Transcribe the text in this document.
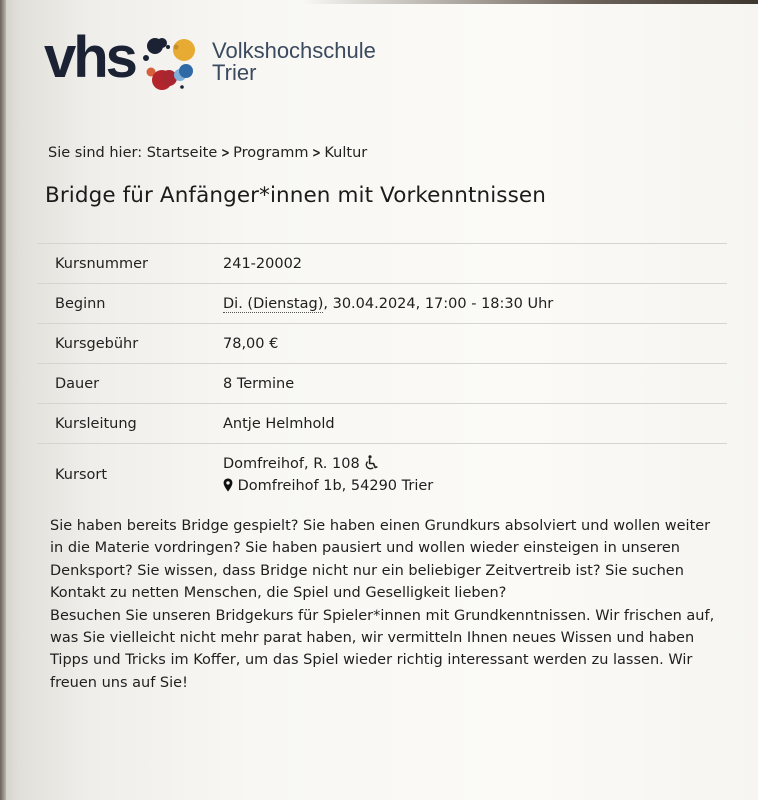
vhs	Volkshochschule
Trier
Sie sind hier:
Startseite > Programm > Kultur
Bridge für Anfänger*innen mit Vorkenntnissen
Kursnummer	241-20002
Beginn	Di. (Dienstag), 30.04.2024, 17:00 - 18:30 Uhr
Kursgebühr	78,00 €
Dauer	8 Termine
Kursleitung	Antje Helmhold
Kursort	Domfreihof, R. 108
Domfreihof 1b, 54290 Trier

Sie haben bereits Bridge gespielt? Sie haben einen Grundkurs absolviert und wollen weiter
in die Materie vordringen? Sie haben pausiert und wollen wieder einsteigen in unseren
Denksport? Sie wissen, dass Bridge nicht nur ein beliebiger Zeitvertreib ist? Sie suchen
Kontakt zu netten Menschen, die Spiel und Geselligkeit lieben?

Besuchen Sie unseren Bridgekurs für Spieler*innen mit Grundkenntnissen. Wir frischen auf,
was Sie vielleicht nicht mehr parat haben, wir vermitteln Ihnen neues Wissen und haben
Tipps und Tricks im Koffer, um das Spiel wieder richtig interessant werden zu lassen. Wir
freuen uns auf Sie!
